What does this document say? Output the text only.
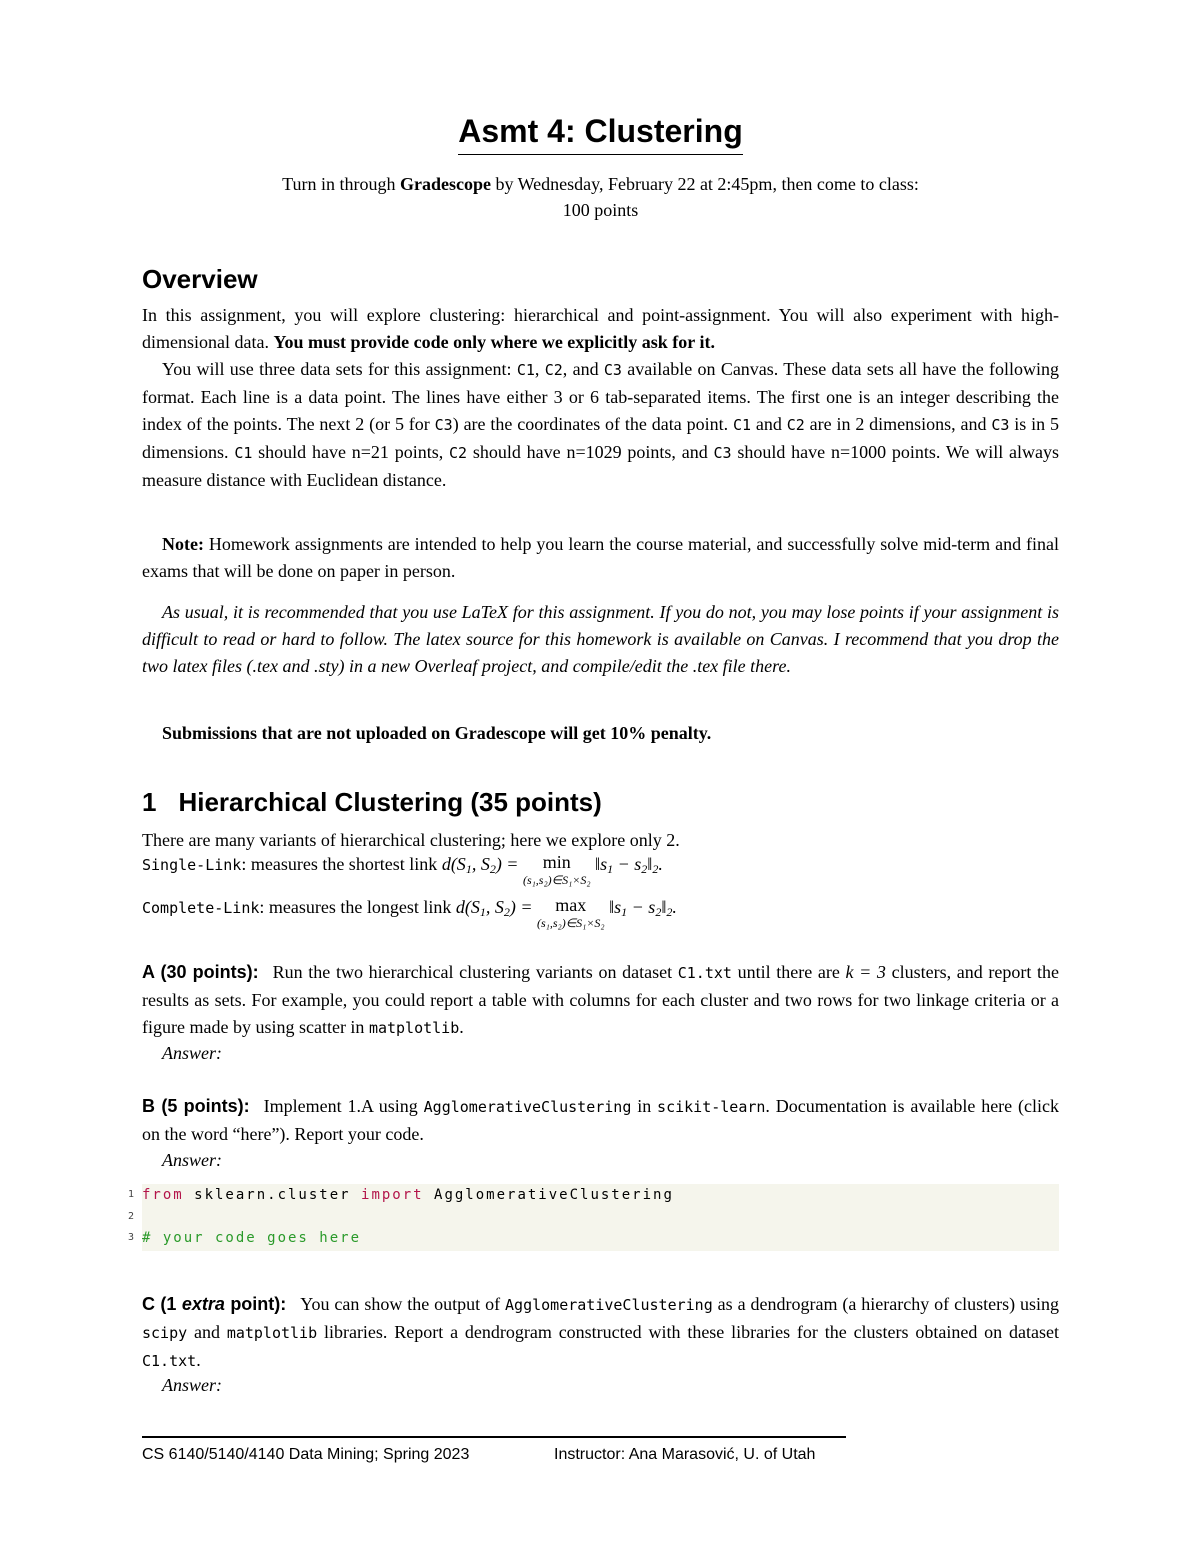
Asmt 4: Clustering
Turn in through Gradescope by Wednesday, February 22 at 2:45pm, then come to class:
100 points
Overview
In this assignment, you will explore clustering: hierarchical and point-assignment. You will also experiment with high-dimensional data. You must provide code only where we explicitly ask for it.
You will use three data sets for this assignment: C1, C2, and C3 available on Canvas. These data sets all have the following format. Each line is a data point. The lines have either 3 or 6 tab-separated items. The first one is an integer describing the index of the points. The next 2 (or 5 for C3) are the coordinates of the data point. C1 and C2 are in 2 dimensions, and C3 is in 5 dimensions. C1 should have n=21 points, C2 should have n=1029 points, and C3 should have n=1000 points. We will always measure distance with Euclidean distance.
Note: Homework assignments are intended to help you learn the course material, and successfully solve mid-term and final exams that will be done on paper in person.
As usual, it is recommended that you use LaTeX for this assignment. If you do not, you may lose points if your assignment is difficult to read or hard to follow. The latex source for this homework is available on Canvas. I recommend that you drop the two latex files (.tex and .sty) in a new Overleaf project, and compile/edit the .tex file there.
Submissions that are not uploaded on Gradescope will get 10% penalty.
1 Hierarchical Clustering (35 points)
There are many variants of hierarchical clustering; here we explore only 2.
Single-Link: measures the shortest link $d(S_1$, $S_2$) =	min
(s₁,s₂)∈S₁×S₂
$‖s_1$ − $s_2‖_2$.
Complete-Link: measures the longest link $d(S_1$, $S_2$) =	max
(s₁,s₂)∈S₁×S₂
$‖s_1$ − $s_2‖_2$.
A (30 points): Run the two hierarchical clustering variants on dataset C1.txt until there are k = 3 clusters, and report the results as sets. For example, you could report a table with columns for each cluster and two rows for two linkage criteria or a figure made by using scatter in matplotlib.
Answer:
B (5 points): Implement 1.A using AgglomerativeClustering in scikit-learn. Documentation is available here (click on the word “here”). Report your code.
Answer:
1 from sklearn.cluster import AgglomerativeClustering
2
3 # your code goes here
C (1 extra point): You can show the output of AgglomerativeClustering as a dendrogram (a hierarchy of clusters) using scipy and matplotlib libraries. Report a dendrogram constructed with these libraries for the clusters obtained on dataset C1.txt.
Answer:
CS 6140/5140/4140 Data Mining; Spring 2023	Instructor: Ana Marasović, U. of Utah
